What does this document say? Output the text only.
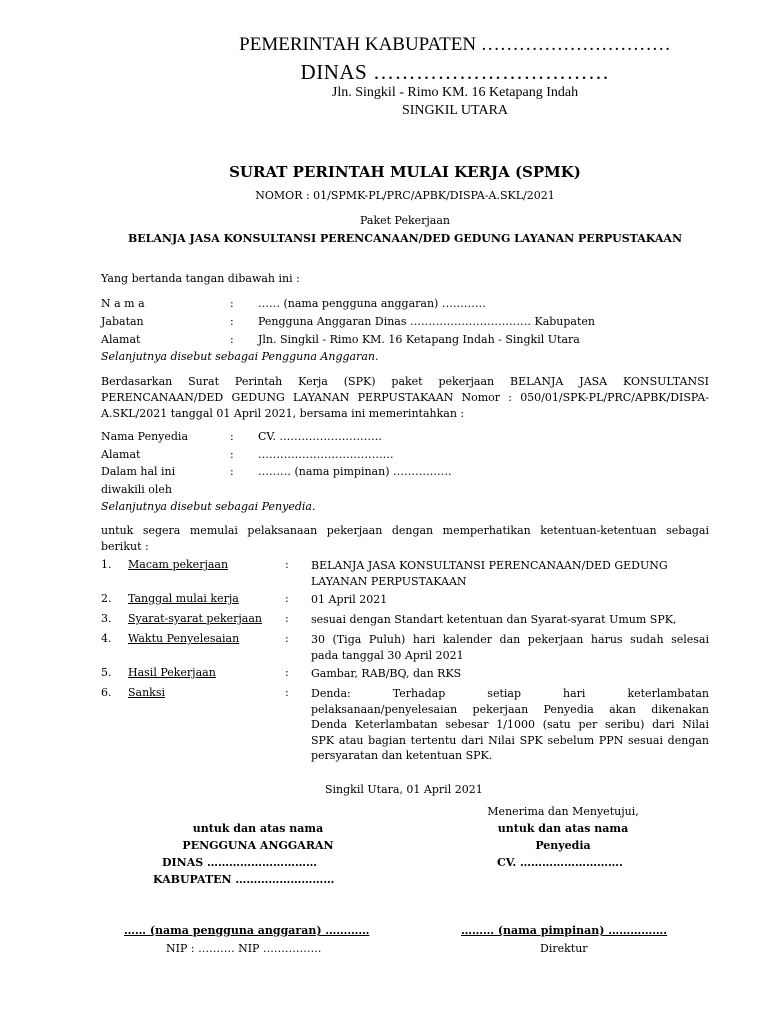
PEMERINTAH KABUPATEN …………………………
DINAS ……………………………
Jln. Singkil - Rimo KM. 16 Ketapang Indah
SINGKIL UTARA
SURAT PERINTAH MULAI KERJA (SPMK)
NOMOR : 01/SPMK-PL/PRC/APBK/DISPA-A.SKL/2021
Paket Pekerjaan
BELANJA JASA KONSULTANSI PERENCANAAN/DED GEDUNG LAYANAN PERPUSTAKAAN
Yang bertanda tangan dibawah ini :
N a m a	: …… (nama pengguna anggaran) …………
Jabatan	: Pengguna Anggaran Dinas …………………………… Kabupaten
Alamat	: Jln. Singkil - Rimo KM. 16 Ketapang Indah - Singkil Utara
Selanjutnya disebut sebagai Pengguna Anggaran.
Berdasarkan Surat Perintah Kerja (SPK) paket pekerjaan BELANJA JASA KONSULTANSI
PERENCANAAN/DED GEDUNG LAYANAN PERPUSTAKAAN Nomor : 050/01/SPK-PL/PRC/APBK/DISPA-
A.SKL/2021 tanggal 01 April 2021, bersama ini memerintahkan :
Nama Penyedia	: CV. ……………………….
Alamat	: ……………………………….
Dalam hal ini	: ……… (nama pimpinan) …………….
diwakili oleh
Selanjutnya disebut sebagai Penyedia.
untuk segera memulai pelaksanaan pekerjaan dengan memperhatikan ketentuan-ketentuan sebagai
berikut :
1. Macam pekerjaan	: BELANJA JASA KONSULTANSI PERENCANAAN/DED GEDUNG
LAYANAN PERPUSTAKAAN
2. Tanggal mulai kerja	: 01 April 2021
3. Syarat-syarat pekerjaan : sesuai dengan Standart ketentuan dan Syarat-syarat Umum SPK,
4. Waktu Penyelesaian	: 30 (Tiga Puluh) hari kalender dan pekerjaan harus sudah selesai
pada tanggal 30 April 2021
5. Hasil Pekerjaan	: Gambar, RAB/BQ, dan RKS
6. Sanksi	: Denda: Terhadap setiap hari keterlambatan
pelaksanaan/penyelesaian pekerjaan Penyedia akan dikenakan
Denda Keterlambatan sebesar 1/1000 (satu per seribu) dari Nilai
SPK atau bagian tertentu dari Nilai SPK sebelum PPN sesuai dengan
persyaratan dan ketentuan SPK.
Singkil Utara, 01 April 2021
Menerima dan Menyetujui,
untuk dan atas nama
Penyedia
CV. ……………………….
untuk dan atas nama
PENGGUNA ANGGARAN
DINAS …………………………
KABUPATEN ………………………
…… (nama pengguna anggaran) …………
NIP : ………. NIP …………….
……… (nama pimpinan) …………….
Direktur
